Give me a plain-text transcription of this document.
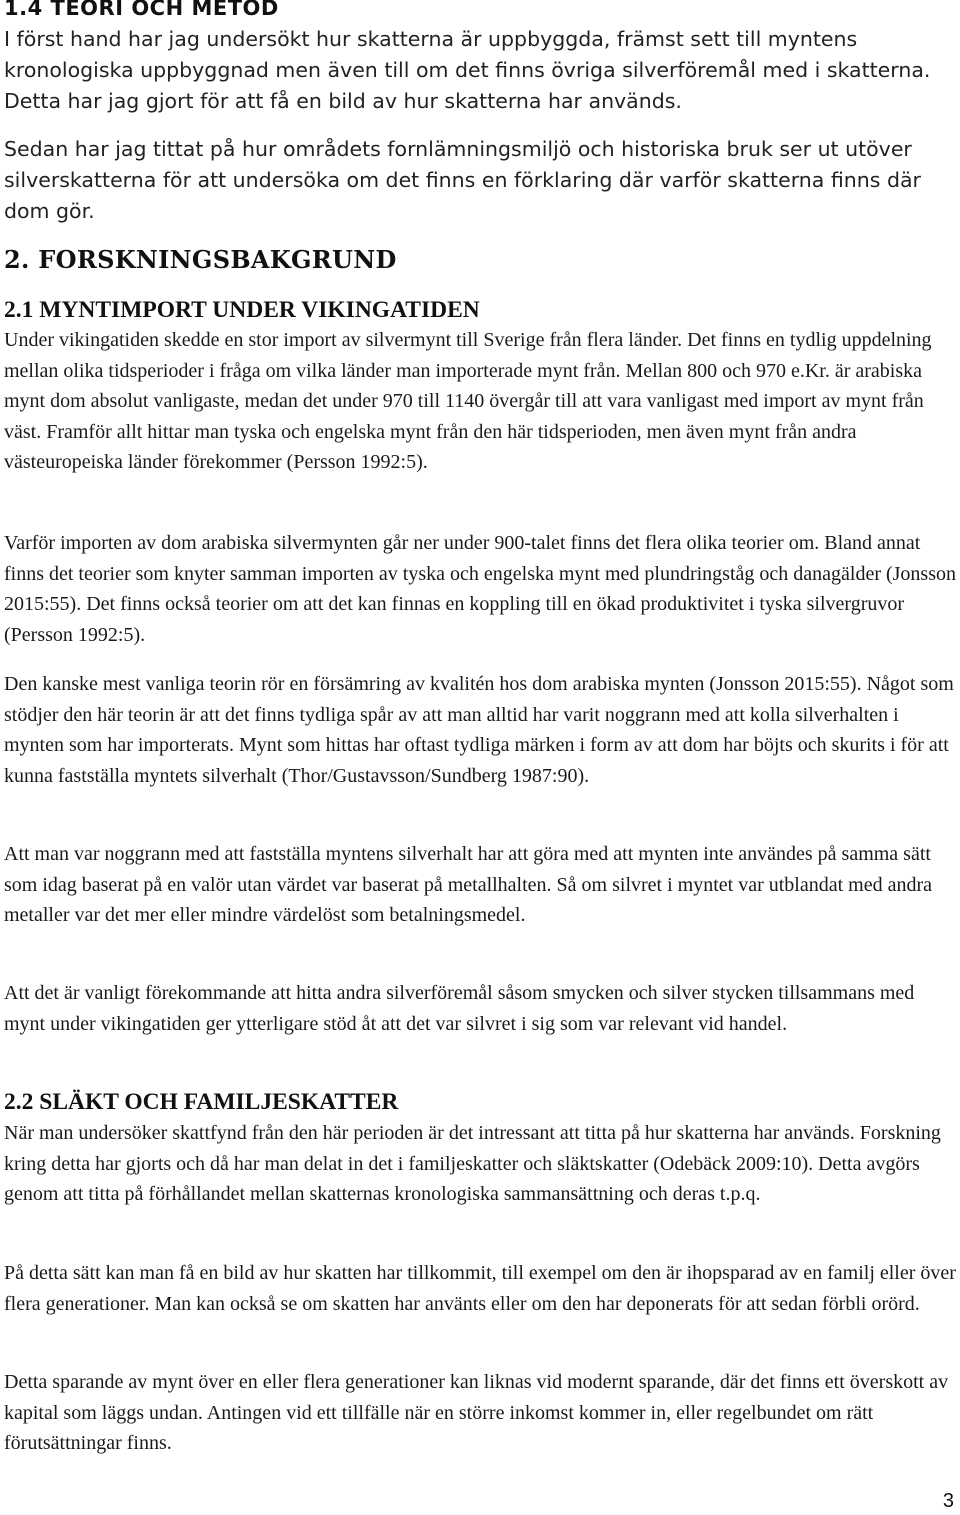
1.4 TEORI OCH METOD

I först hand har jag undersökt hur skatterna är uppbyggda, främst sett till myntens kronologiska uppbyggnad men även till om det finns övriga silverföremål med i skatterna. Detta har jag gjort för att få en bild av hur skatterna har används.

Sedan har jag tittat på hur områdets fornlämningsmiljö och historiska bruk ser ut utöver silverskatterna för att undersöka om det finns en förklaring där varför skatterna finns där dom gör.

2. FORSKNINGSBAKGRUND
2.1 MYNTIMPORT UNDER VIKINGATIDEN

Under vikingatiden skedde en stor import av silvermynt till Sverige från flera länder. Det finns en tydlig uppdelning mellan olika tidsperioder i fråga om vilka länder man importerade mynt från. Mellan 800 och 970 e.Kr. är arabiska mynt dom absolut vanligaste, medan det under 970 till 1140 övergår till att vara vanligast med import av mynt från väst. Framför allt hittar man tyska och engelska mynt från den här tidsperioden, men även mynt från andra västeuropeiska länder förekommer (Persson 1992:5).

Varför importen av dom arabiska silvermynten går ner under 900-talet finns det flera olika teorier om. Bland annat finns det teorier som knyter samman importen av tyska och engelska mynt med plundringståg och danagälder (Jonsson 2015:55). Det finns också teorier om att det kan finnas en koppling till en ökad produktivitet i tyska silvergruvor (Persson 1992:5).

Den kanske mest vanliga teorin rör en försämring av kvalitén hos dom arabiska mynten (Jonsson 2015:55). Något som stödjer den här teorin är att det finns tydliga spår av att man alltid har varit noggrann med att kolla silverhalten i mynten som har importerats. Mynt som hittas har oftast tydliga märken i form av att dom har böjts och skurits i för att kunna fastställa myntets silverhalt (Thor/Gustavsson/Sundberg 1987:90).

Att man var noggrann med att fastställa myntens silverhalt har att göra med att mynten inte användes på samma sätt som idag baserat på en valör utan värdet var baserat på metallhalten. Så om silvret i myntet var utblandat med andra metaller var det mer eller mindre värdelöst som betalningsmedel.

Att det är vanligt förekommande att hitta andra silverföremål såsom smycken och silver stycken tillsammans med mynt under vikingatiden ger ytterligare stöd åt att det var silvret i sig som var relevant vid handel.

2.2 SLÄKT OCH FAMILJESKATTER

När man undersöker skattfynd från den här perioden är det intressant att titta på hur skatterna har används. Forskning kring detta har gjorts och då har man delat in det i familjeskatter och släktskatter (Odebäck 2009:10). Detta avgörs genom att titta på förhållandet mellan skatternas kronologiska sammansättning och deras t.p.q.

På detta sätt kan man få en bild av hur skatten har tillkommit, till exempel om den är ihopsparad av en familj eller över flera generationer. Man kan också se om skatten har använts eller om den har deponerats för att sedan förbli orörd.

Detta sparande av mynt över en eller flera generationer kan liknas vid modernt sparande, där det finns ett överskott av kapital som läggs undan. Antingen vid ett tillfälle när en större inkomst kommer in, eller regelbundet om rätt förutsättningar finns.

3
